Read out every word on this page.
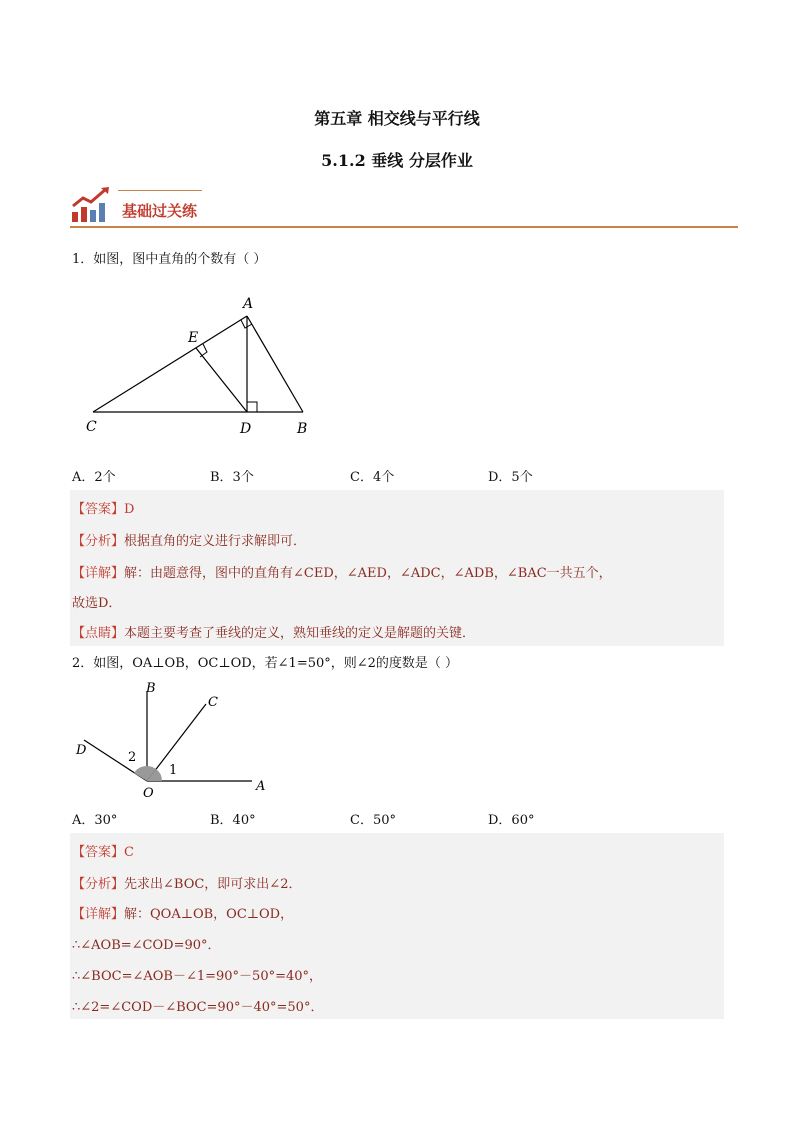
第五章 相交线与平行线
5.1.2 垂线 分层作业
基础过关练
1．如图，图中直角的个数有（ ）
A
E
C	D	B
A．2个	B．3个	C．4个	D．5个
【答案】D
【分析】根据直角的定义进行求解即可．
【详解】解：由题意得，图中的直角有∠CED，∠AED，∠ADC，∠ADB，∠BAC一共五个，
故选D．
【点睛】本题主要考查了垂线的定义，熟知垂线的定义是解题的关键．
2．如图，OA⊥OB，OC⊥OD，若∠1=50°，则∠2的度数是（ ）
B
C
D
O	A
1
2
A．30°	B．40°	C．50°	D．60°
【答案】C
【分析】先求出∠BOC，即可求出∠2．
【详解】解：QOA⊥OB，OC⊥OD，
∴∠AOB=∠COD=90°．
∴∠BOC=∠AOB－∠1=90°－50°=40°，
∴∠2=∠COD－∠BOC=90°－40°=50°．
